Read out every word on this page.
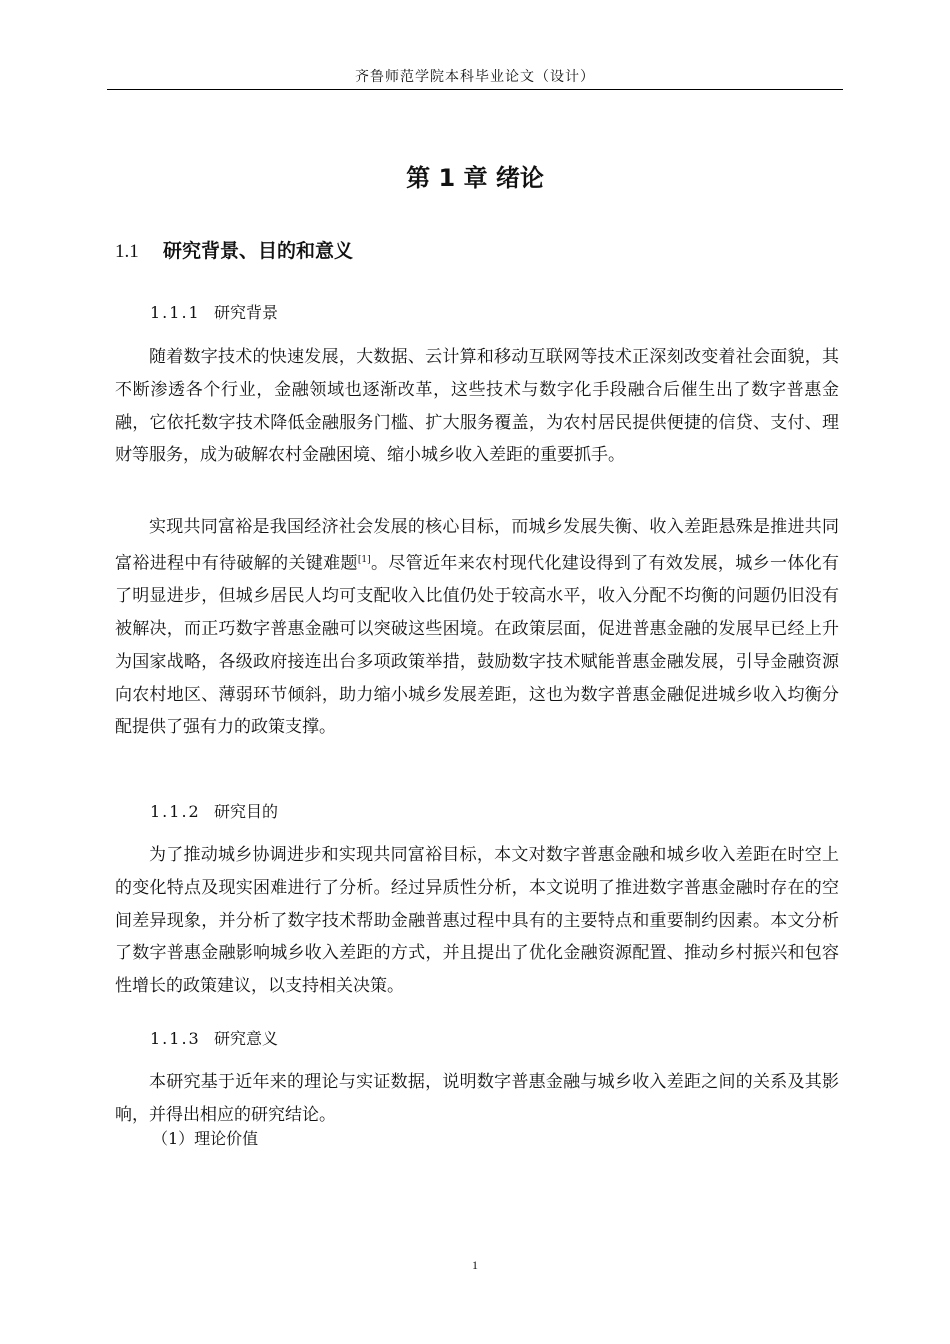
齐鲁师范学院本科毕业论文（设计）
第 1 章 绪论
1.1 研究背景、目的和意义
1.1.1 研究背景

随着数字技术的快速发展，大数据、云计算和移动互联网等技术正深刻改变着社会面貌，其不断渗透各个行业，金融领域也逐渐改革，这些技术与数字化手段融合后催生出了数字普惠金融，它依托数字技术降低金融服务门槛、扩大服务覆盖，为农村居民提供便捷的信贷、支付、理财等服务，成为破解农村金融困境、缩小城乡收入差距的重要抓手。

实现共同富裕是我国经济社会发展的核心目标，而城乡发展失衡、收入差距悬殊是推进共同富裕进程中有待破解的关键难题[1]。尽管近年来农村现代化建设得到了有效发展，城乡一体化有了明显进步，但城乡居民人均可支配收入比值仍处于较高水平，收入分配不均衡的问题仍旧没有被解决，而正巧数字普惠金融可以突破这些困境。在政策层面，促进普惠金融的发展早已经上升为国家战略，各级政府接连出台多项政策举措，鼓励数字技术赋能普惠金融发展，引导金融资源向农村地区、薄弱环节倾斜，助力缩小城乡发展差距，这也为数字普惠金融促进城乡收入均衡分配提供了强有力的政策支撑。

1.1.2 研究目的

为了推动城乡协调进步和实现共同富裕目标，本文对数字普惠金融和城乡收入差距在时空上的变化特点及现实困难进行了分析。经过异质性分析，本文说明了推进数字普惠金融时存在的空间差异现象，并分析了数字技术帮助金融普惠过程中具有的主要特点和重要制约因素。本文分析了数字普惠金融影响城乡收入差距的方式，并且提出了优化金融资源配置、推动乡村振兴和包容性增长的政策建议，以支持相关决策。

1.1.3 研究意义

本研究基于近年来的理论与实证数据，说明数字普惠金融与城乡收入差距之间的关系及其影响，并得出相应的研究结论。

（1）理论价值
1
